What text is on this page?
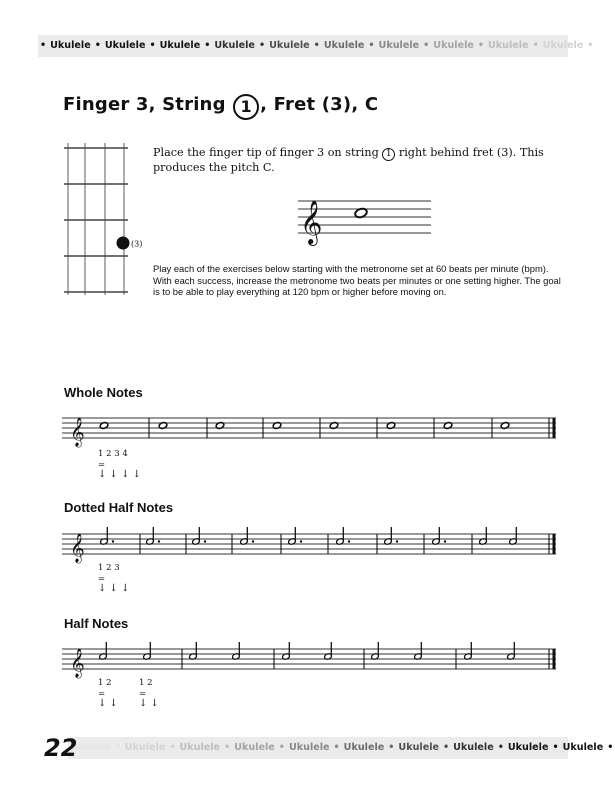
• Ukulele • Ukulele • Ukulele • Ukulele • Ukulele • Ukulele • Ukulele • Ukulele • Ukulele • Ukulele •
Finger 3, String 1 , Fret (3), C
(3)
Place the finger tip of finger 3 on string 1 right behind fret (3). This produces the pitch C.
𝄞
Play each of the exercises below starting with the metronome set at 60 beats per minute (bpm). With each success, increase the metronome two beats per minutes or one setting higher. The goal is to be able to play everything at 120 bpm or higher before moving on.
Whole Notes
𝄞
1 2 3 4
=
↓ ↓ ↓ ↓
Dotted Half Notes
𝄞
1 2 3
=
↓ ↓ ↓
Half Notes
𝄞
1 2
=
↓ ↓
1 2
=
↓ ↓
Ukulele • Ukulele • Ukulele • Ukulele • Ukulele • Ukulele • Ukulele • Ukulele • Ukulele • Ukulele •
22
